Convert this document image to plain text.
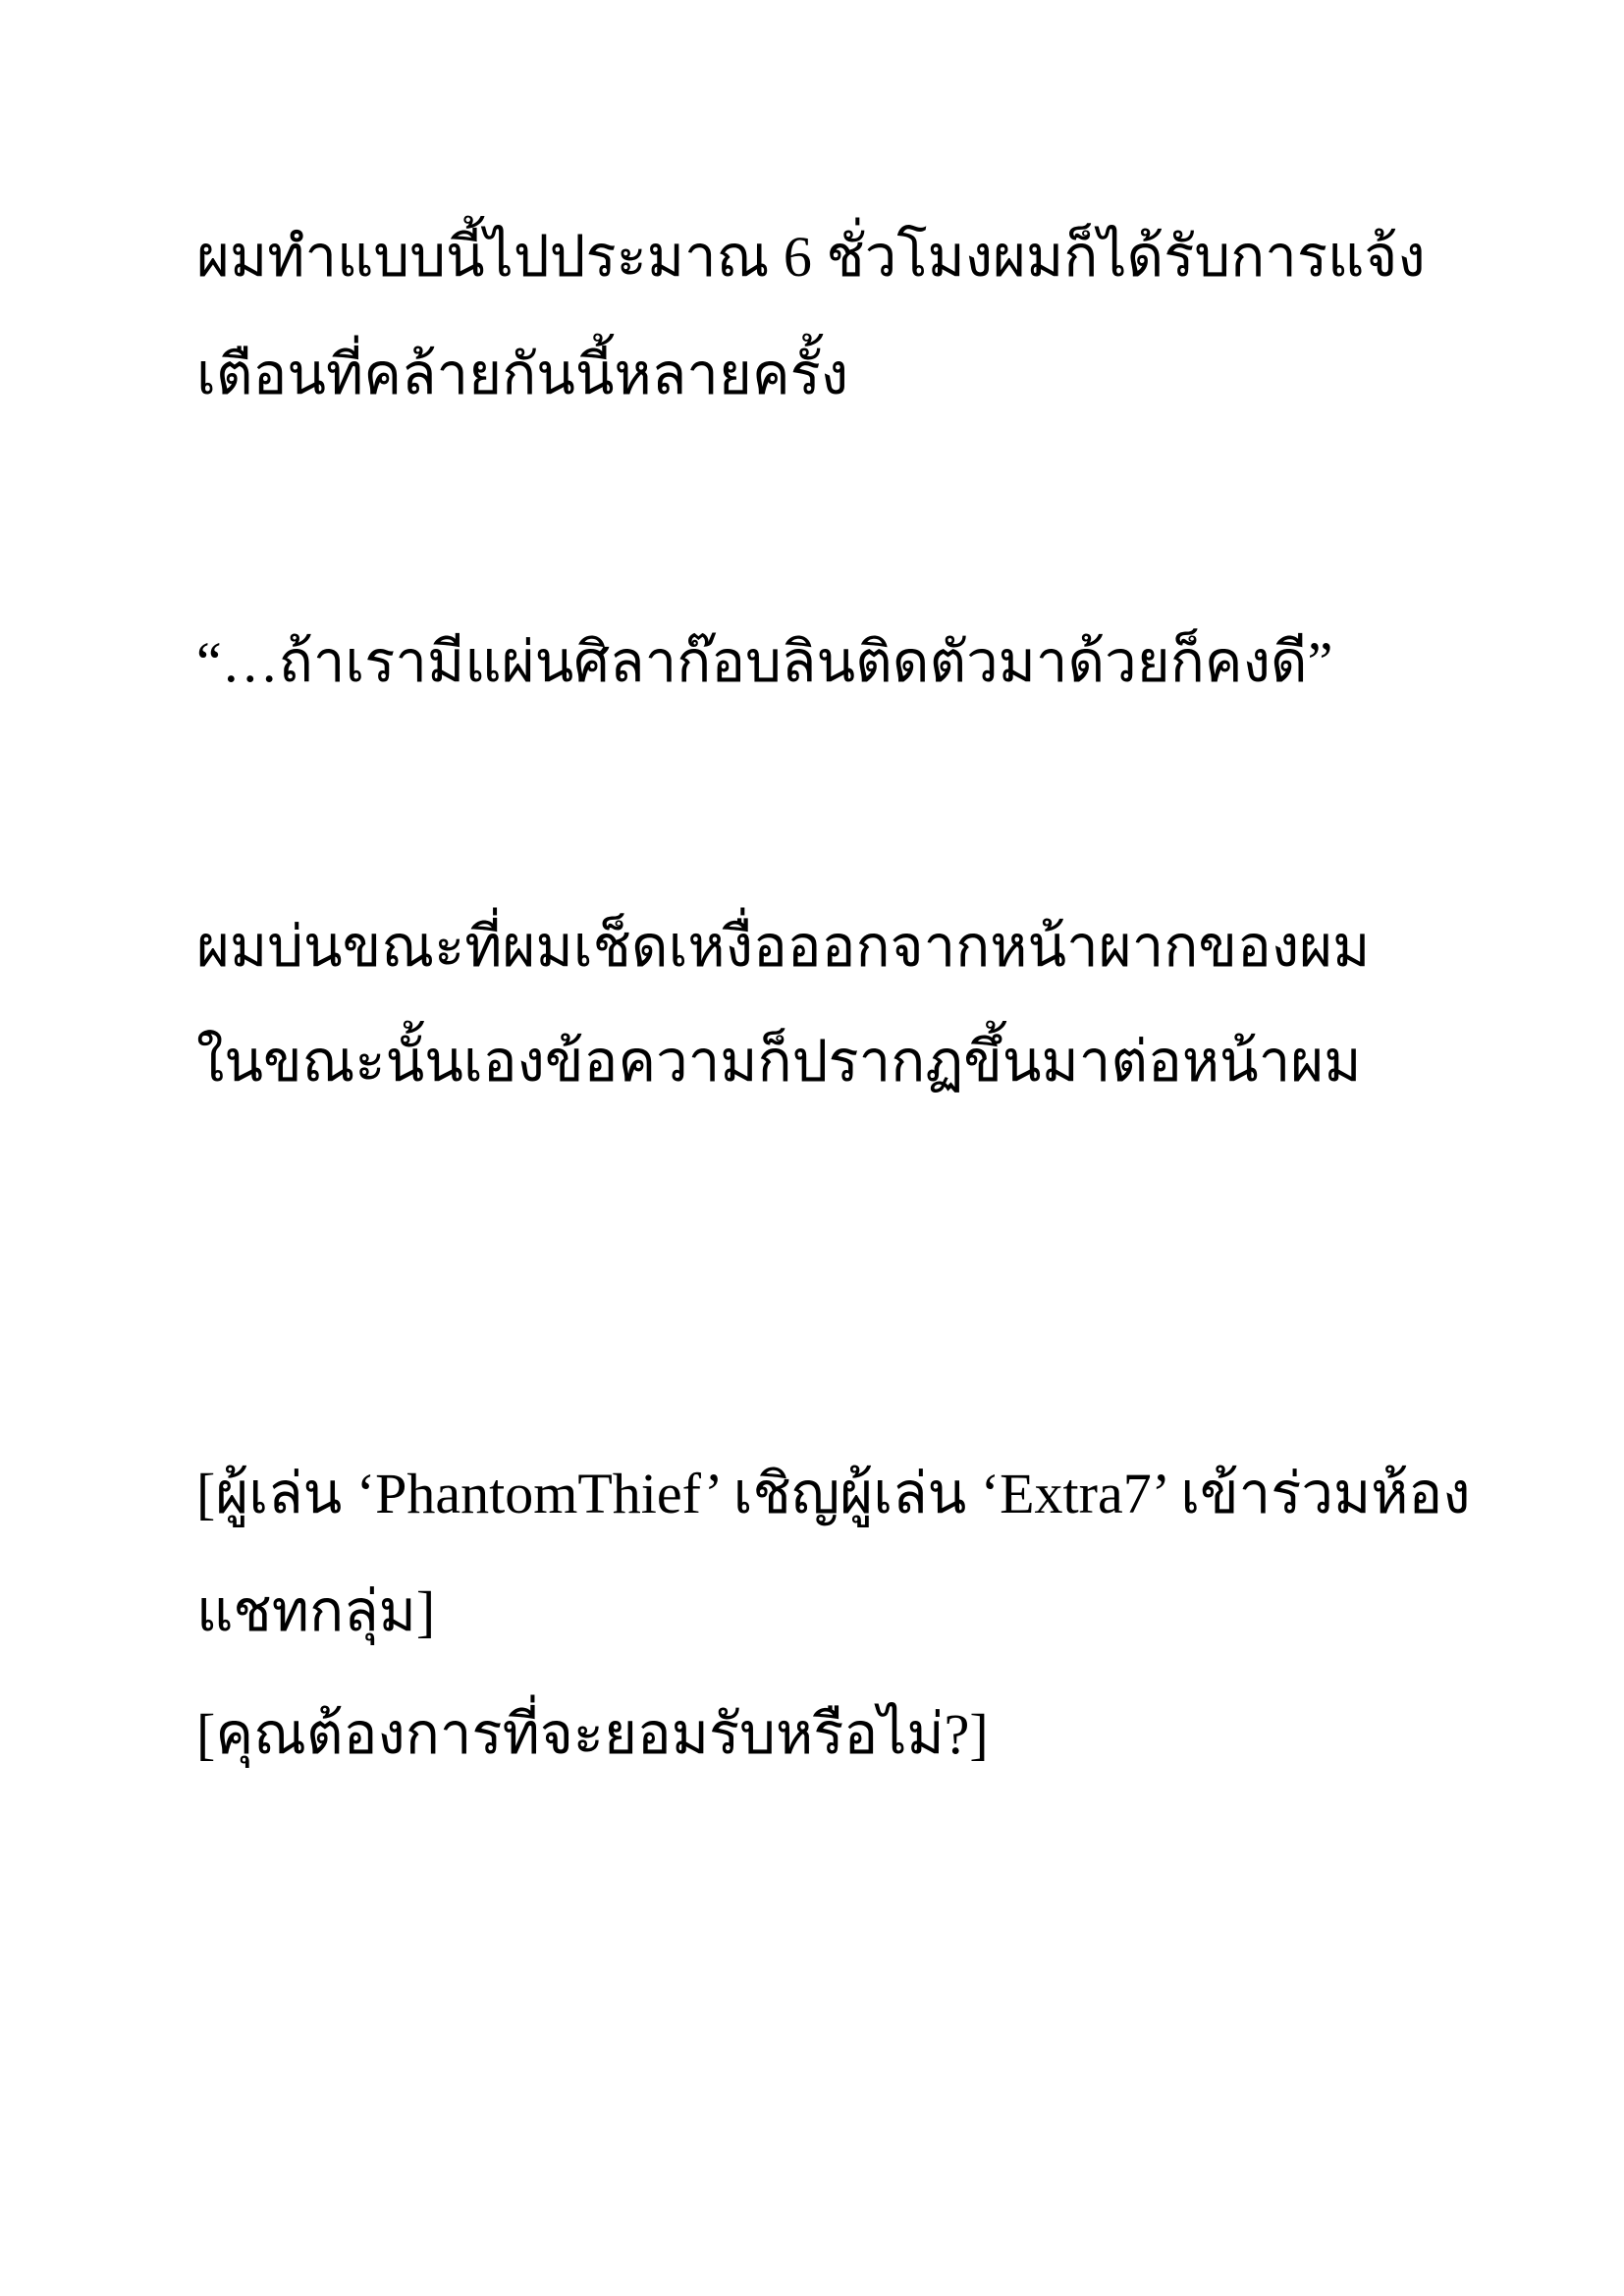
ผมทำแบบนี้ไปประมาณ 6 ชั่วโมงผมก็ได้รับการแจ้ง
เตือนที่คล้ายกันนี้หลายครั้ง
“…ถ้าเรามีแผ่นศิลาก๊อบลินติดตัวมาด้วยก็คงดี”
ผมบ่นขณะที่ผมเช็ดเหงื่อออกจากหน้าผากของผม
ในขณะนั้นเองข้อความก็ปรากฏขึ้นมาต่อหน้าผม
[ผู้เล่น ‘PhantomThief’ เชิญผู้เล่น ‘Extra7’ เข้าร่วมห้อง
แชทกลุ่ม]
[คุณต้องการที่จะยอมรับหรือไม่?]
